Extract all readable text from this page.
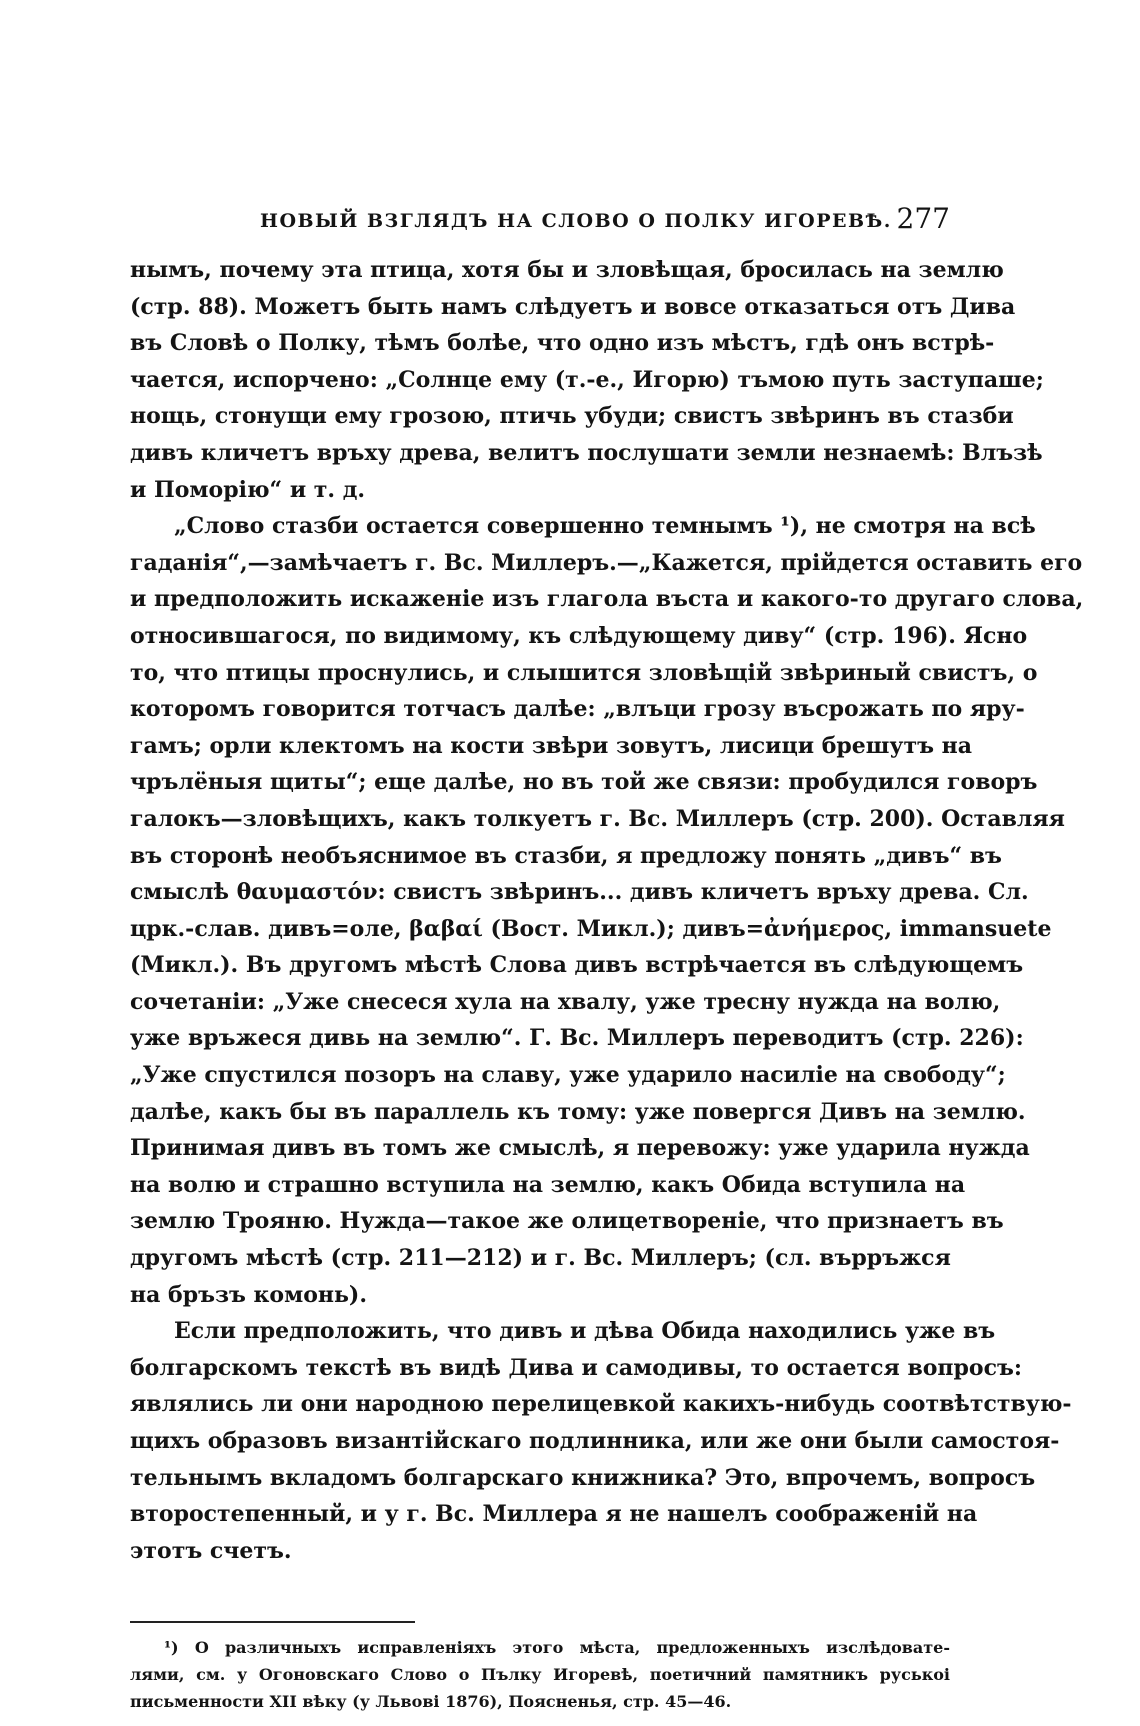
НОВЫЙ ВЗГЛЯДЪ НА СЛОВО О ПОЛКУ ИГОРЕВѢ. 277
нымъ, почему эта птица, хотя бы и зловѣщая, бросилась на землю
(стр. 88). Можетъ быть намъ слѣдуетъ и вовсе отказаться отъ Дива
въ Словѣ о Полку, тѣмъ болѣе, что одно изъ мѣстъ, гдѣ онъ встрѣ-
чается, испорчено: „Солнце ему (т.-е., Игорю) тъмою путь заступаше;
нощь, стонущи ему грозою, птичь убуди; свистъ звѣринъ въ стазби
дивъ кличетъ връху древа, велитъ послушати земли незнаемѣ: Влъзѣ
и Поморiю“ и т. д.
„Слово стазби остается совершенно темнымъ ¹), не смотря на всѣ
гаданія“,—замѣчаетъ г. Вс. Миллеръ.—„Кажется, прійдется оставить его
и предположить искаженіе изъ глагола въста и какого-то другаго слова,
относившагося, по видимому, къ слѣдующему диву“ (стр. 196). Ясно
то, что птицы проснулись, и слышится зловѣщій звѣриный свистъ, о
которомъ говорится тотчасъ далѣе: „влъци грозу въсрожать по яру-
гамъ; орли клектомъ на кости звѣри зовутъ, лисици брешутъ на
чрълёныя щиты“; еще далѣе, но въ той же связи: пробудился говоръ
галокъ—зловѣщихъ, какъ толкуетъ г. Вс. Миллеръ (стр. 200). Оставляя
въ сторонѣ необъяснимое въ стазби, я предложу понять „дивъ“ въ
смыслѣ θαυμαστόν: свистъ звѣринъ... дивъ кличетъ връху древа. Сл.
црк.-слав. дивъ=оле, βαβαί (Вост. Микл.); дивъ=ἀνήμερος, immansuete
(Микл.). Въ другомъ мѣстѣ Слова дивъ встрѣчается въ слѣдующемъ
сочетаніи: „Уже снесеся хула на хвалу, уже тресну нужда на волю,
уже връжеся дивь на землю“. Г. Вс. Миллеръ переводитъ (стр. 226):
„Уже спустился позоръ на славу, уже ударило насиліе на свободу“;
далѣе, какъ бы въ параллель къ тому: уже повергся Дивъ на землю.
Принимая дивъ въ томъ же смыслѣ, я перевожу: уже ударила нужда
на волю и страшно вступила на землю, какъ Обида вступила на
землю Трояню. Нужда—такое же олицетвореніе, что признаетъ въ
другомъ мѣстѣ (стр. 211—212) и г. Вс. Миллеръ; (сл. върръжся
на бръзъ комонь).
Если предположить, что дивъ и дѣва Обида находились уже въ
болгарскомъ текстѣ въ видѣ Дива и самодивы, то остается вопросъ:
являлись ли они народною перелицевкой какихъ-нибудь соотвѣтствую-
щихъ образовъ византійскаго подлинника, или же они были самостоя-
тельнымъ вкладомъ болгарскаго книжника? Это, впрочемъ, вопросъ
второстепенный, и у г. Вс. Миллера я не нашелъ соображеній на
этотъ счетъ.
¹) О различныхъ исправленіяхъ этого мѣста, предложенныхъ изслѣдовате-
лями, см. у Огоновскаго Слово о Пълку Игоревѣ, поетичний памятникъ руськоі
письменности XII вѣку (у Львові 1876), Поясненья, стр. 45—46.
